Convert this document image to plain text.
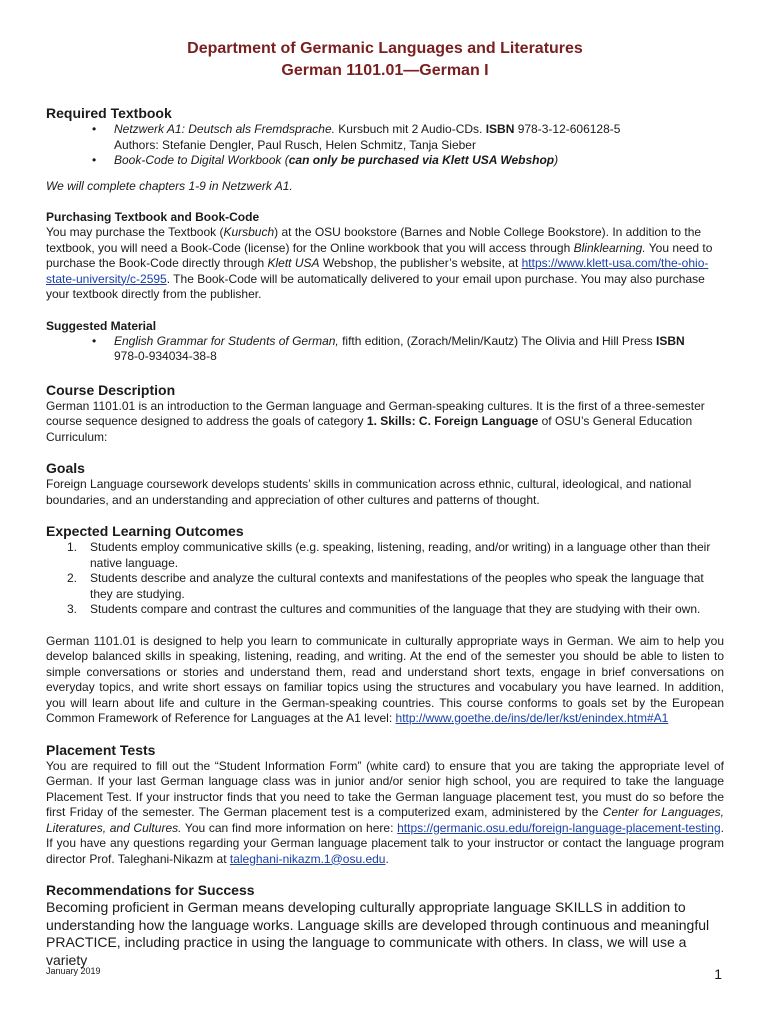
Department of Germanic Languages and Literatures

German 1101.01—German I

Required Textbook
• Netzwerk A1: Deutsch als Fremdsprache. Kursbuch mit 2 Audio-CDs. ISBN 978-3-12-606128-5
Authors: Stefanie Dengler, Paul Rusch, Helen Schmitz, Tanja Sieber
• Book-Code to Digital Workbook (can only be purchased via Klett USA Webshop)

We will complete chapters 1-9 in Netzwerk A1.

Purchasing Textbook and Book-Code

You may purchase the Textbook (Kursbuch) at the OSU bookstore (Barnes and Noble College Bookstore). In addition to the textbook, you will need a Book-Code (license) for the Online workbook that you will access through Blinklearning. You need to purchase the Book-Code directly through Klett USA Webshop, the publisher’s website, at https://www.klett-usa.com/the-ohio-state-university/c-2595. The Book-Code will be automatically delivered to your email upon purchase. You may also purchase your textbook directly from the publisher.

Suggested Material

• English Grammar for Students of German, fifth edition, (Zorach/Melin/Kautz) The Olivia and Hill Press ISBN
978-0-934034-38-8
Course Description

German 1101.01 is an introduction to the German language and German-speaking cultures. It is the first of a three-semester course sequence designed to address the goals of category 1. Skills: C. Foreign Language of OSU’s General Education Curriculum:

Goals

Foreign Language coursework develops students’ skills in communication across ethnic, cultural, ideological, and national boundaries, and an understanding and appreciation of other cultures and patterns of thought.

Expected Learning Outcomes
1. Students employ communicative skills (e.g. speaking, listening, reading, and/or writing) in a language other than their native language.
2. Students describe and analyze the cultural contexts and manifestations of the peoples who speak the language that they are studying.
3. Students compare and contrast the cultures and communities of the language that they are studying with their own.

German 1101.01 is designed to help you learn to communicate in culturally appropriate ways in German. We aim to help you develop balanced skills in speaking, listening, reading, and writing. At the end of the semester you should be able to listen to simple conversations or stories and understand them, read and understand short texts, engage in brief conversations on everyday topics, and write short essays on familiar topics using the structures and vocabulary you have learned. In addition, you will learn about life and culture in the German-speaking countries. This course conforms to goals set by the European Common Framework of Reference for Languages at the A1 level: http://www.goethe.de/ins/de/ler/kst/enindex.htm#A1

Placement Tests

You are required to fill out the “Student Information Form” (white card) to ensure that you are taking the appropriate level of German. If your last German language class was in junior and/or senior high school, you are required to take the language Placement Test. If your instructor finds that you need to take the German language placement test, you must do so before the first Friday of the semester. The German placement test is a computerized exam, administered by the Center for Languages, Literatures, and Cultures. You can find more information on here: https://germanic.osu.edu/foreign-language-placement-testing. If you have any questions regarding your German language placement talk to your instructor or contact the language program director Prof. Taleghani-Nikazm at taleghani-nikazm.1@osu.edu.

Recommendations for Success

Becoming proficient in German means developing culturally appropriate language SKILLS in addition to understanding how the language works. Language skills are developed through continuous and meaningful PRACTICE, including practice in using the language to communicate with others. In class, we will use a variety

January 2019	1
